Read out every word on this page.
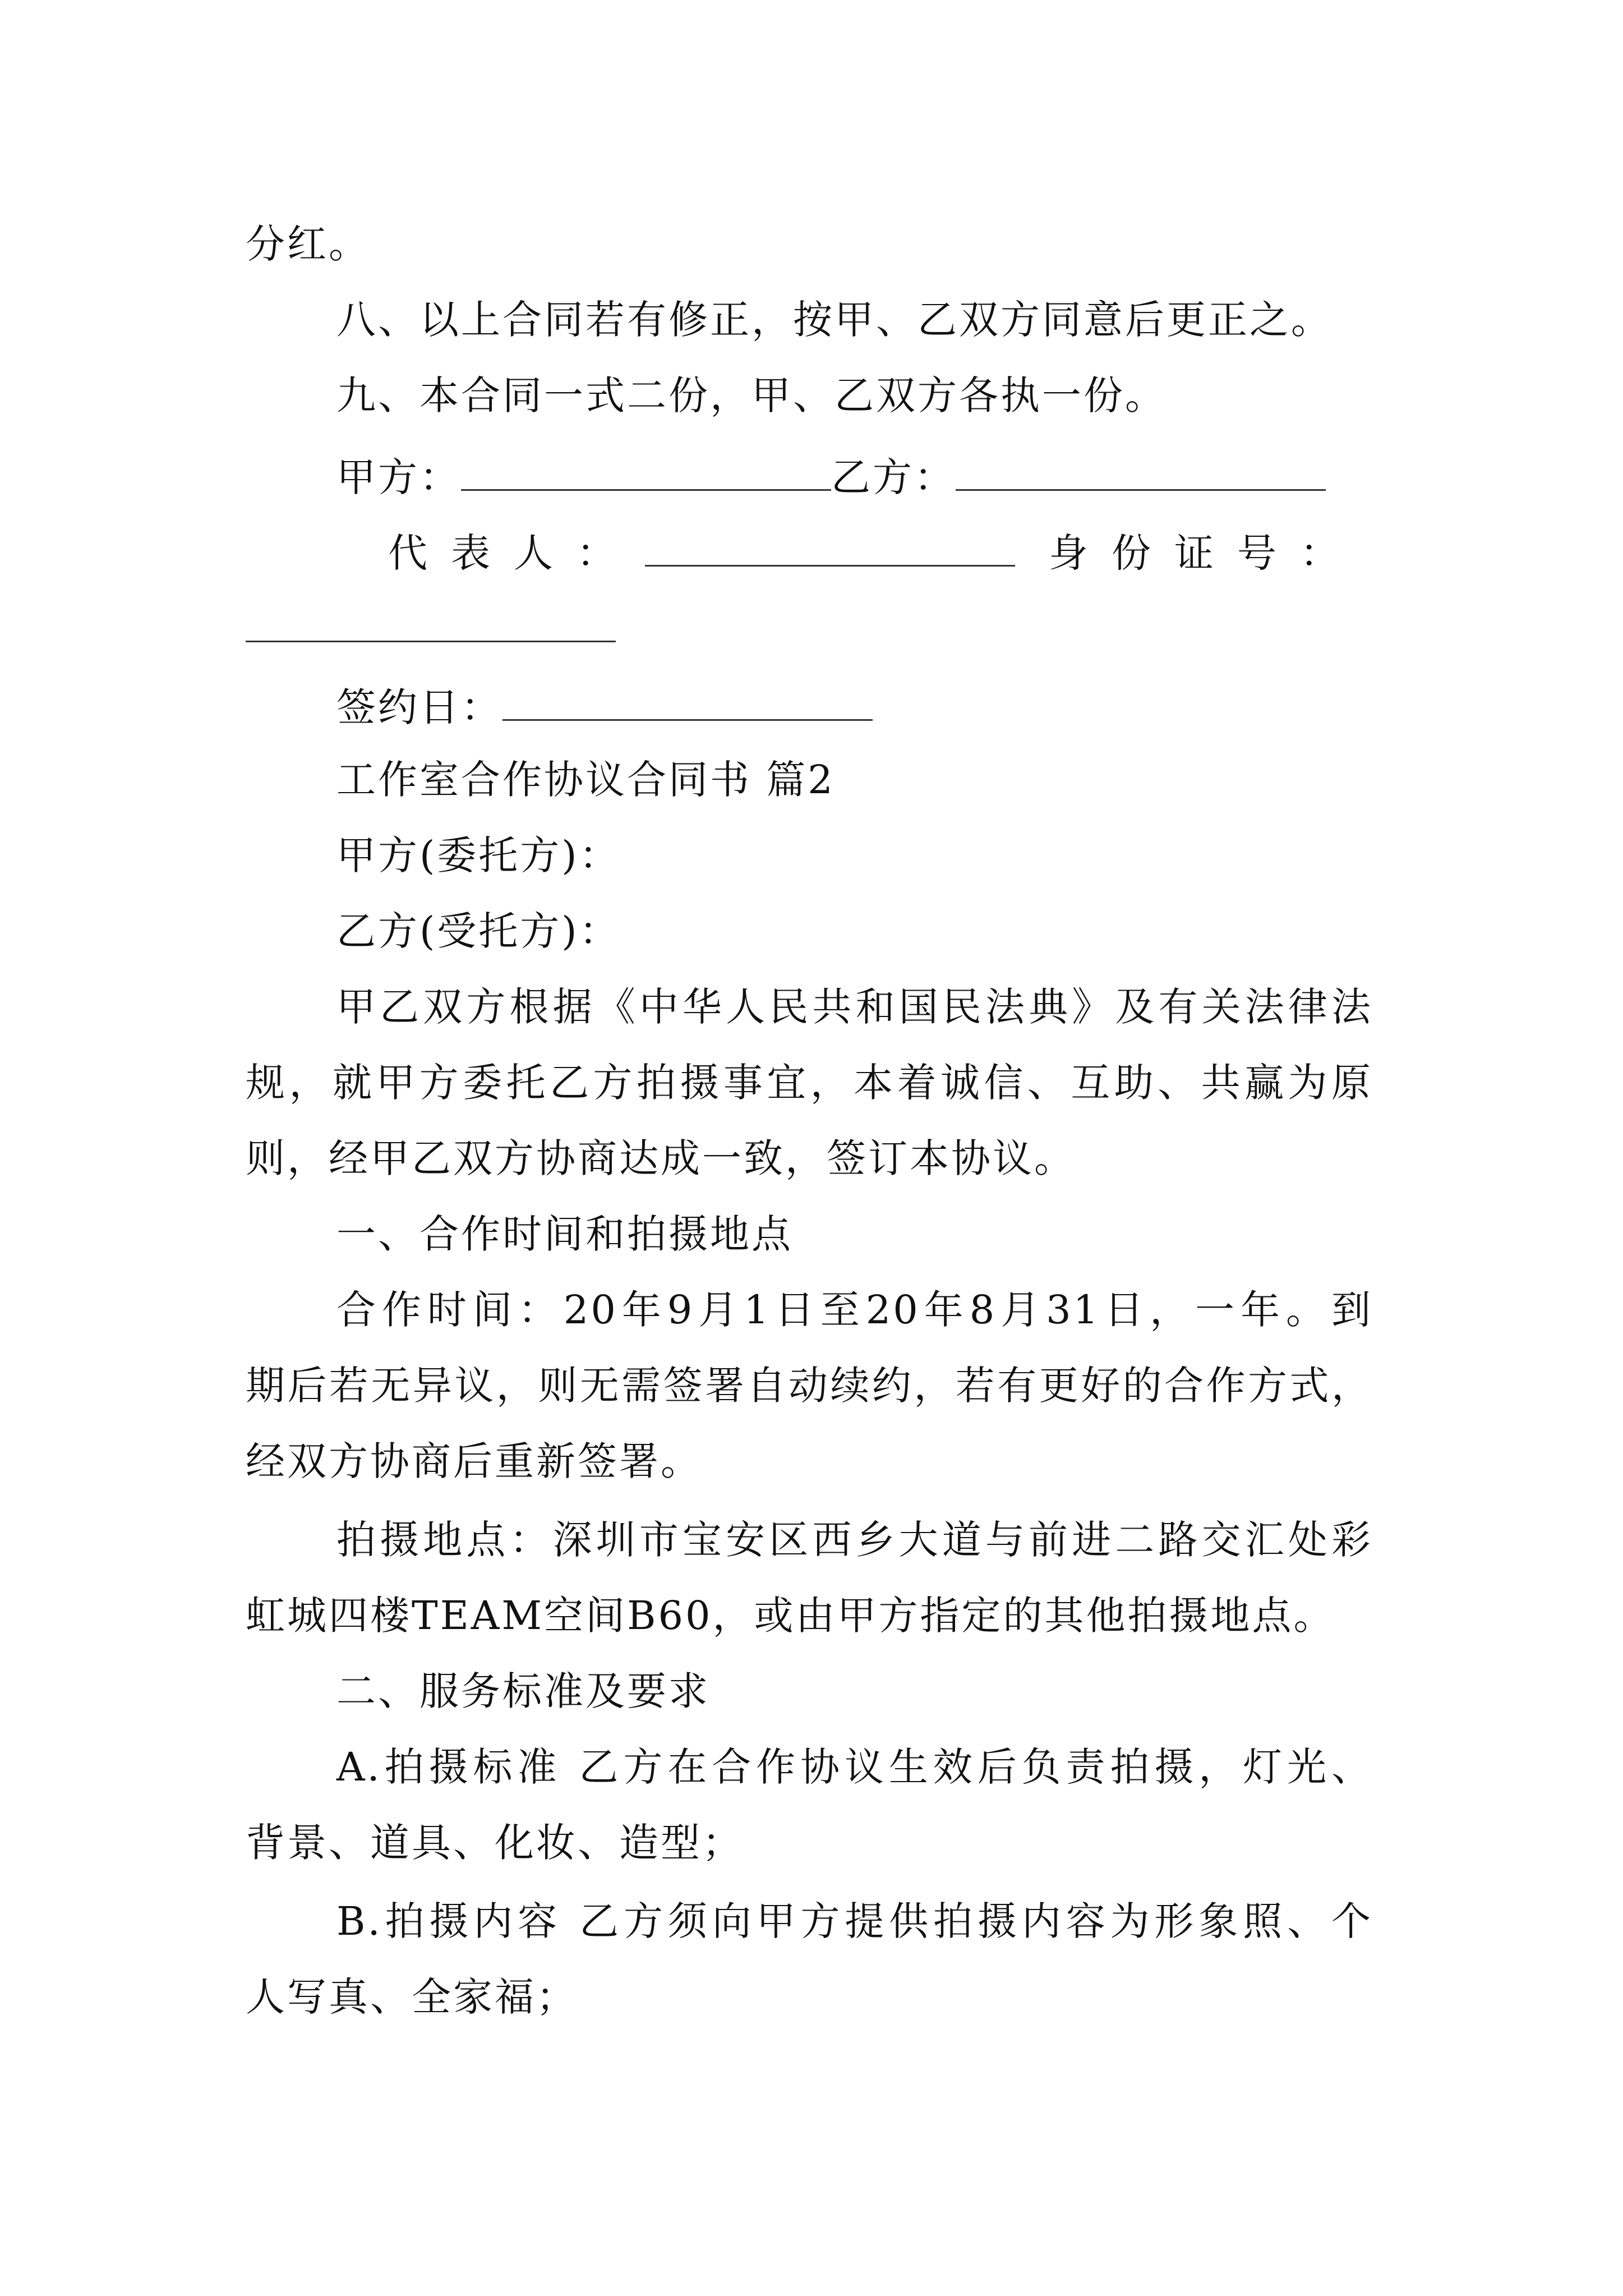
分红。
八、以上合同若有修正，按甲、乙双方同意后更正之。
九、本合同一式二份，甲、乙双方各执一份。
甲方：	乙方：
代表人：	身份证号：
签约日：
工作室合作协议合同书 篇2
甲方(委托方)：
乙方(受托方)：
甲乙双方根据《中华人民共和国民法典》及有关法律法
规，就甲方委托乙方拍摄事宜，本着诚信、互助、共赢为原
则，经甲乙双方协商达成一致，签订本协议。
一、合作时间和拍摄地点
合作时间：20年9月1日至20年8月31日，一年。到
期后若无异议，则无需签署自动续约，若有更好的合作方式，
经双方协商后重新签署。
拍摄地点：深圳市宝安区西乡大道与前进二路交汇处彩
虹城四楼TEAM空间B60，或由甲方指定的其他拍摄地点。
二、服务标准及要求
A.拍摄标准 乙方在合作协议生效后负责拍摄，灯光、
背景、道具、化妆、造型；
B.拍摄内容 乙方须向甲方提供拍摄内容为形象照、个
人写真、全家福；
